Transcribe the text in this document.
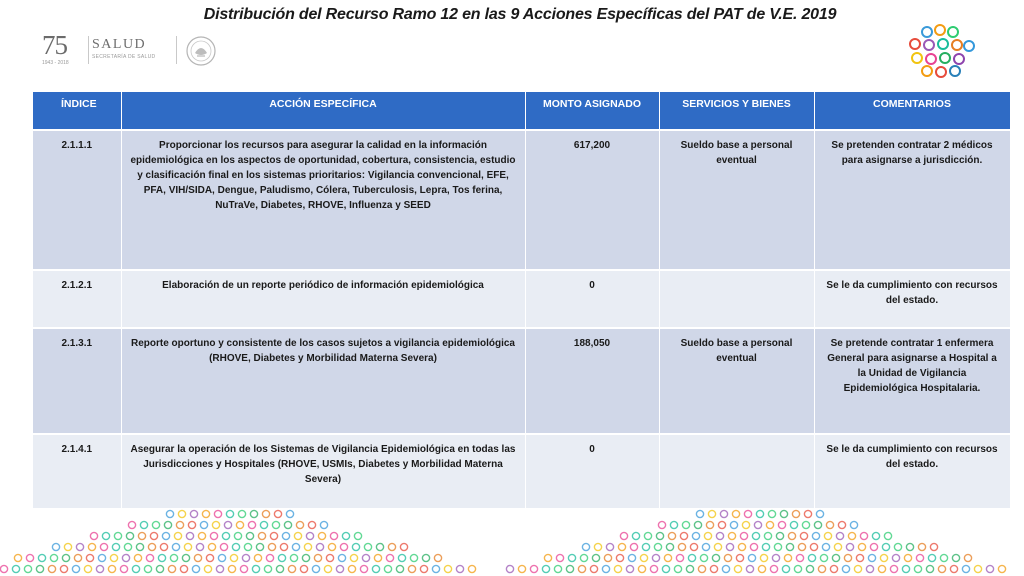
Distribución del Recurso Ramo 12 en las 9 Acciones Específicas del PAT de V.E. 2019
75
1943 - 2018
SALUD
SECRETARÍA DE SALUD
ÍNDICE	ACCIÓN ESPECÍFICA	MONTO ASIGNADO	SERVICIOS Y BIENES	COMENTARIOS
2.1.1.1	Proporcionar los recursos para asegurar la calidad en la información epidemiológica en los aspectos de oportunidad, cobertura, consistencia, estudio y clasificación final en los sistemas prioritarios: Vigilancia convencional, EFE, PFA, VIH/SIDA, Dengue, Paludismo, Cólera, Tuberculosis, Lepra, Tos ferina, NuTraVe, Diabetes, RHOVE, Influenza y SEED	617,200	Sueldo base a personal eventual	Se pretenden contratar 2 médicos para asignarse a jurisdicción.
2.1.2.1	Elaboración de un reporte periódico de información epidemiológica	0		Se le da cumplimiento con recursos del estado.
2.1.3.1	Reporte oportuno y consistente de los casos sujetos a vigilancia epidemiológica (RHOVE, Diabetes y Morbilidad Materna Severa)	188,050	Sueldo base a personal eventual	Se pretende contratar 1 enfermera General para asignarse a Hospital a la Unidad de Vigilancia Epidemiológica Hospitalaria.
2.1.4.1	Asegurar la operación de los Sistemas de Vigilancia Epidemiológica en todas las Jurisdicciones y Hospitales (RHOVE, USMIs, Diabetes y Morbilidad Materna Severa)	0		Se le da cumplimiento con recursos del estado.
